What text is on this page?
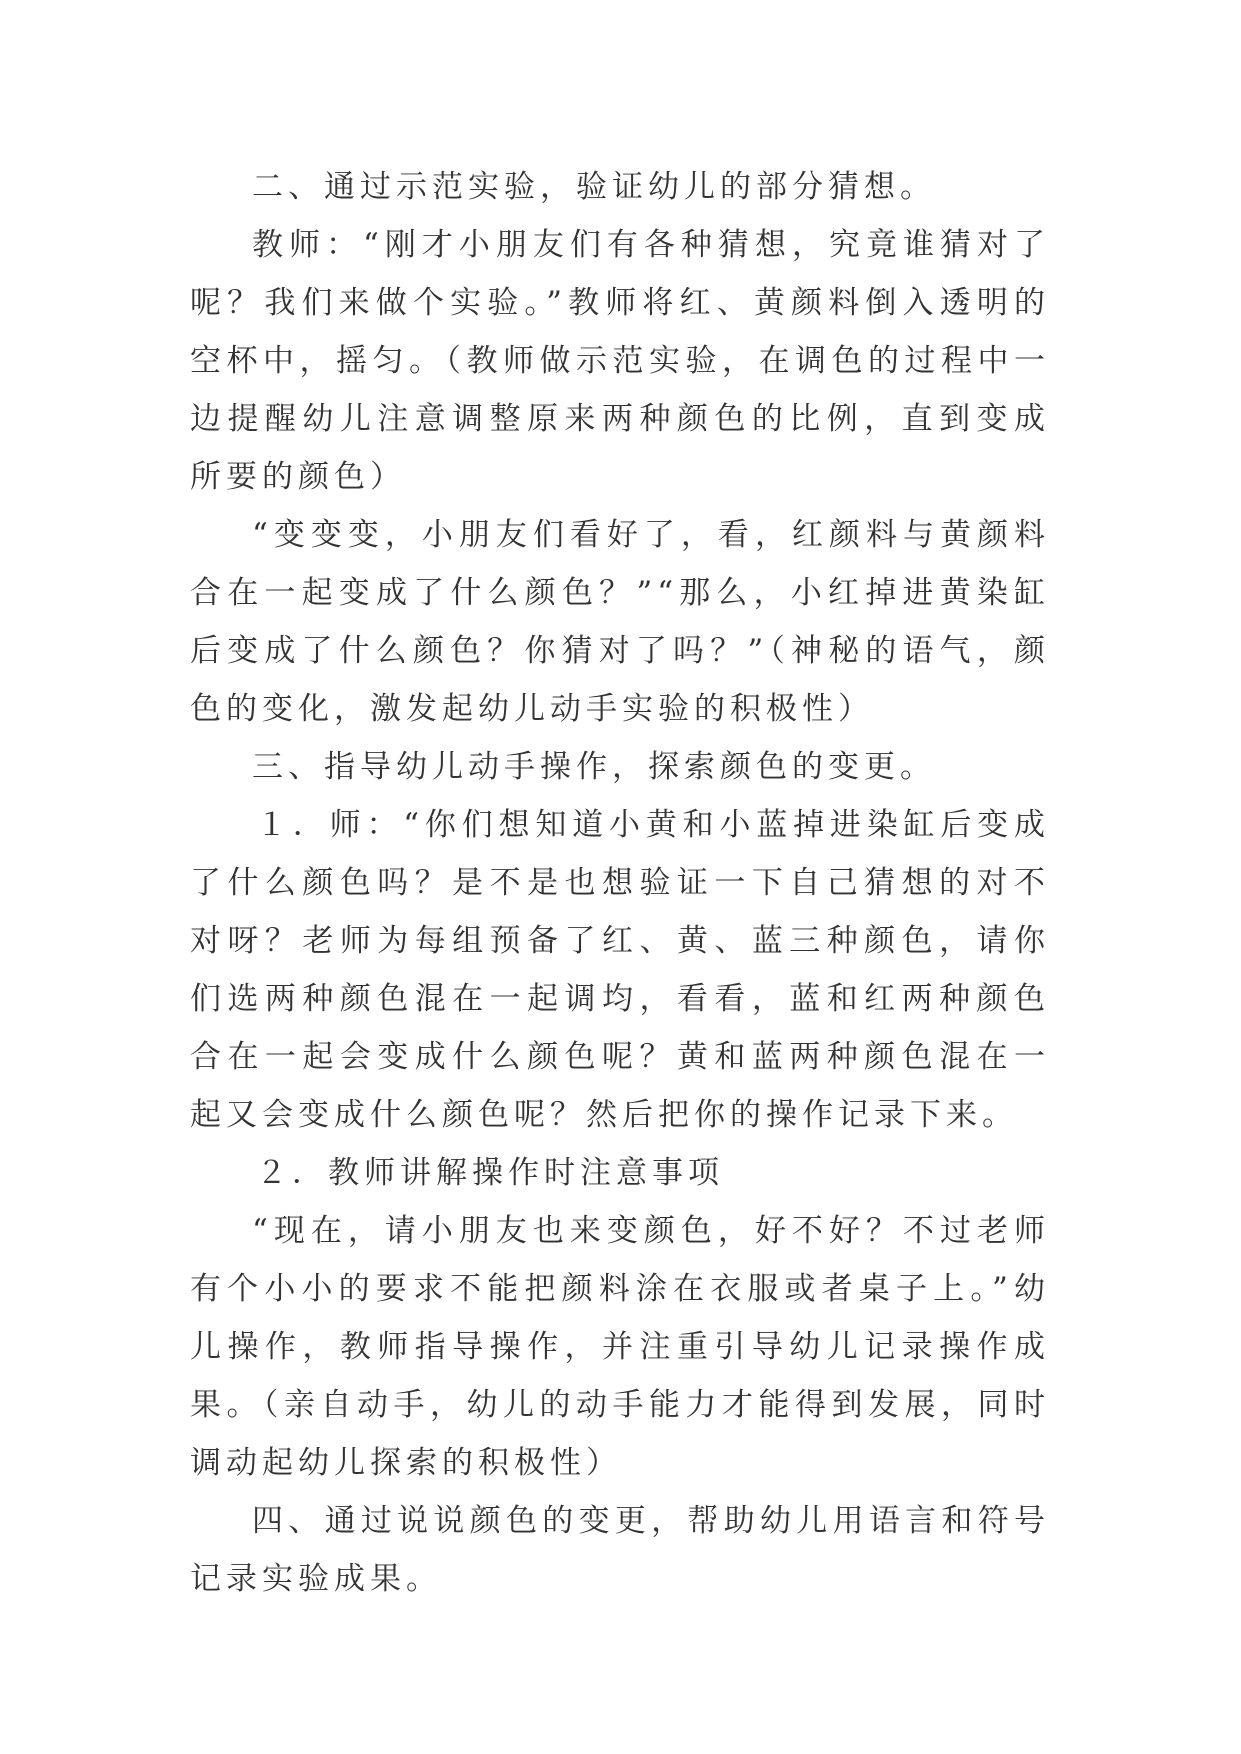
二、通过示范实验，验证幼儿的部分猜想。

教师：“刚才小朋友们有各种猜想，究竟谁猜对了呢？我们来做个实验。”教师将红、黄颜料倒入透明的空杯中，摇匀。（教师做示范实验，在调色的过程中一边提醒幼儿注意调整原来两种颜色的比例，直到变成所要的颜色）

“变变变，小朋友们看好了，看，红颜料与黄颜料合在一起变成了什么颜色？”“那么，小红掉进黄染缸后变成了什么颜色？你猜对了吗？”（神秘的语气，颜色的变化，激发起幼儿动手实验的积极性）

三、指导幼儿动手操作，探索颜色的变更。

１．师：“你们想知道小黄和小蓝掉进染缸后变成了什么颜色吗？是不是也想验证一下自己猜想的对不对呀？老师为每组预备了红、黄、蓝三种颜色，请你们选两种颜色混在一起调均，看看，蓝和红两种颜色合在一起会变成什么颜色呢？黄和蓝两种颜色混在一起又会变成什么颜色呢？然后把你的操作记录下来。

２．教师讲解操作时注意事项

“现在，请小朋友也来变颜色，好不好？不过老师有个小小的要求不能把颜料涂在衣服或者桌子上。”幼儿操作，教师指导操作，并注重引导幼儿记录操作成果。（亲自动手，幼儿的动手能力才能得到发展，同时调动起幼儿探索的积极性）

四、通过说说颜色的变更，帮助幼儿用语言和符号记录实验成果。
